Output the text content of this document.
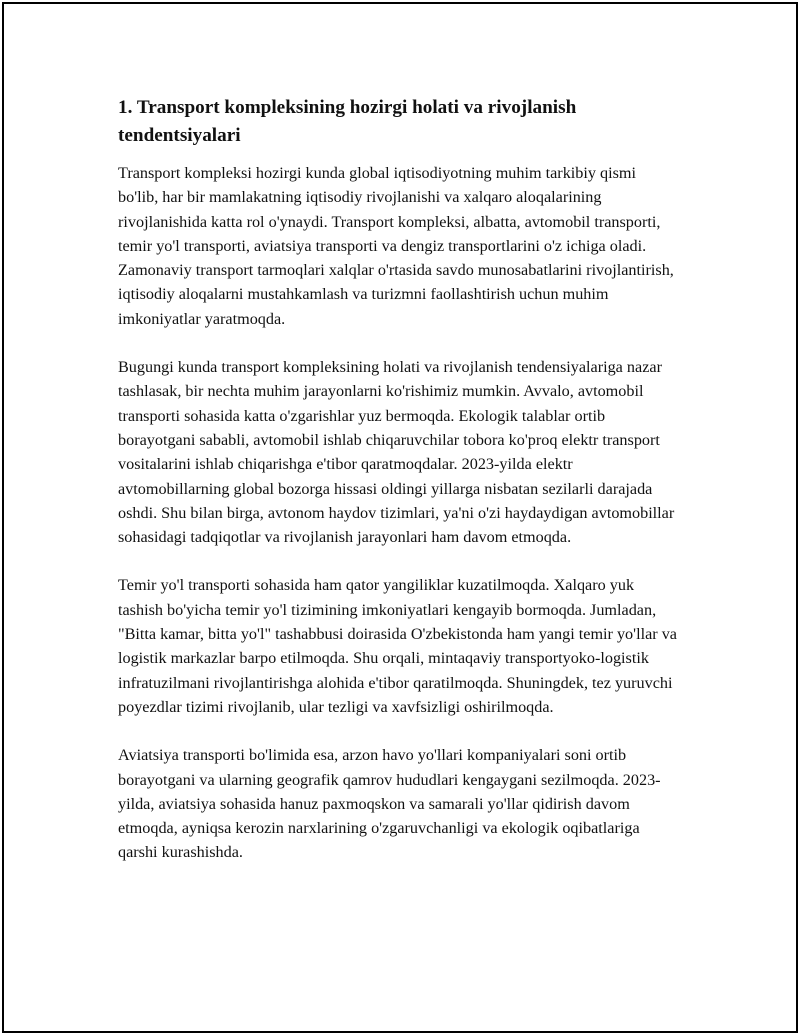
1. Transport kompleksining hozirgi holati va rivojlanish tendentsiyalari

Transport kompleksi hozirgi kunda global iqtisodiyotning muhim tarkibiy qismi bo'lib, har bir mamlakatning iqtisodiy rivojlanishi va xalqaro aloqalarining rivojlanishida katta rol o'ynaydi. Transport kompleksi, albatta, avtomobil transporti, temir yo'l transporti, aviatsiya transporti va dengiz transportlarini o'z ichiga oladi. Zamonaviy transport tarmoqlari xalqlar o'rtasida savdo munosabatlarini rivojlantirish, iqtisodiy aloqalarni mustahkamlash va turizmni faollashtirish uchun muhim imkoniyatlar yaratmoqda.

Bugungi kunda transport kompleksining holati va rivojlanish tendensiyalariga nazar tashlasak, bir nechta muhim jarayonlarni ko'rishimiz mumkin. Avvalo, avtomobil transporti sohasida katta o'zgarishlar yuz bermoqda. Ekologik talablar ortib borayotgani sababli, avtomobil ishlab chiqaruvchilar tobora ko'proq elektr transport vositalarini ishlab chiqarishga e'tibor qaratmoqdalar. 2023-yilda elektr avtomobillarning global bozorga hissasi oldingi yillarga nisbatan sezilarli darajada oshdi. Shu bilan birga, avtonom haydov tizimlari, ya'ni o'zi haydaydigan avtomobillar sohasidagi tadqiqotlar va rivojlanish jarayonlari ham davom etmoqda.

Temir yo'l transporti sohasida ham qator yangiliklar kuzatilmoqda. Xalqaro yuk tashish bo'yicha temir yo'l tizimining imkoniyatlari kengayib bormoqda. Jumladan, "Bitta kamar, bitta yo'l" tashabbusi doirasida O'zbekistonda ham yangi temir yo'llar va logistik markazlar barpo etilmoqda. Shu orqali, mintaqaviy transportyoko-logistik infratuzilmani rivojlantirishga alohida e'tibor qaratilmoqda. Shuningdek, tez yuruvchi poyezdlar tizimi rivojlanib, ular tezligi va xavfsizligi oshirilmoqda.

Aviatsiya transporti bo'limida esa, arzon havo yo'llari kompaniyalari soni ortib borayotgani va ularning geografik qamrov hududlari kengaygani sezilmoqda. 2023-yilda, aviatsiya sohasida hanuz paxmoqskon va samarali yo'llar qidirish davom etmoqda, ayniqsa kerozin narxlarining o'zgaruvchanligi va ekologik oqibatlariga qarshi kurashishda.
